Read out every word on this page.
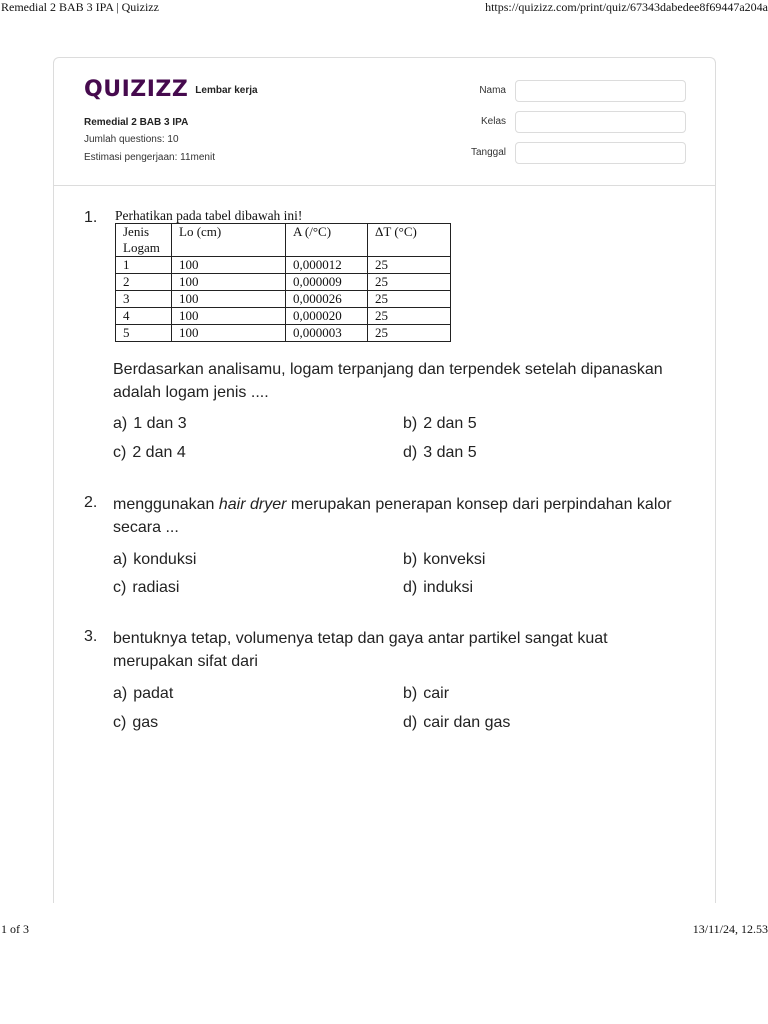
Remedial 2 BAB 3 IPA | Quizizz	https://quizizz.com/print/quiz/67343dabedee8f69447a204a
QUIZIZZ Lembar kerja
Remedial 2 BAB 3 IPA
Jumlah questions: 10
Estimasi pengerjaan: 11menit
Nama
Kelas
Tanggal
1. Perhatikan pada tabel dibawah ini!
Jenis Logam	Lo (cm)	A (/°C)	ΔT (°C)
1	100	0,000012	25
2	100	0,000009	25
3	100	0,000026	25
4	100	0,000020	25
5	100	0,000003	25
Berdasarkan analisamu, logam terpanjang dan terpendek setelah dipanaskan adalah logam jenis ....
a) 1 dan 3	b) 2 dan 5
c) 2 dan 4	d) 3 dan 5
2. menggunakan hair dryer merupakan penerapan konsep dari perpindahan kalor secara ...
a) konduksi	b) konveksi
c) radiasi	d) induksi
3. bentuknya tetap, volumenya tetap dan gaya antar partikel sangat kuat merupakan sifat dari
a) padat	b) cair
c) gas	d) cair dan gas
1 of 3	13/11/24, 12.53
